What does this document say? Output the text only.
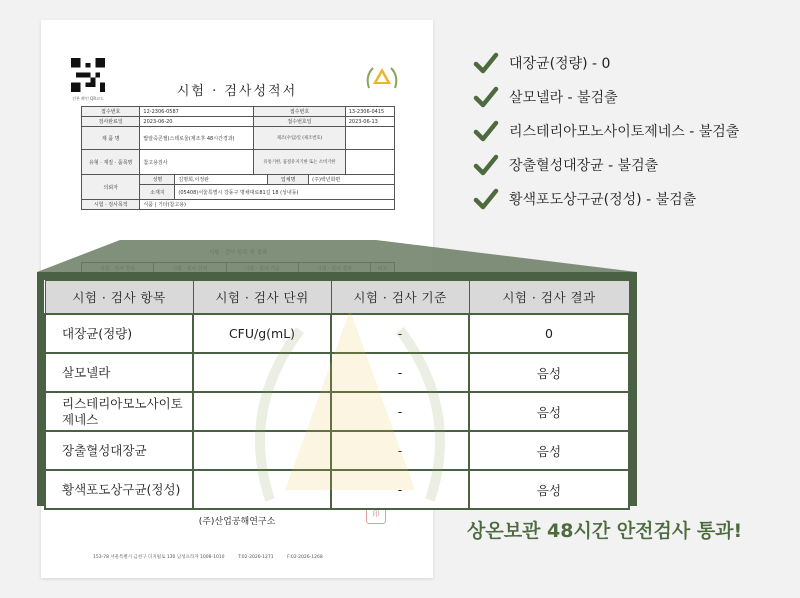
진본 확인 QR코드	시험 · 검사성적서
접수번호	12-2306-0587	접수번호	13-2306-0415
검사완료일	2023-06-20	접수번호일	2023-06-13
제 품 명	밥알죽콘젤(스테로울(제조후 48시간경과)	제조(수입)일 (제조번호)	
유형 · 재질 · 품목명	참고용검사	유통기한, 품질유지기한 또는 소비기한	
의뢰자	
성명	김명희,이정완	업체명	(주)백년화편

소재지	(05408)서울특별시 강동구 명채대로81길 18 (성내동)

시험 · 검사목적	식품 | 기타(참고용)

(주)산업공해연구소
印
153-78 서울특별시 금천구 디지털로 130 남성프라자 1008-1010	T:02-2026-1271	F:02-2026-1268
시험 · 검사 항목	시험 · 검사 단위	시험 · 검사 기준	시험 · 검사 결과
대장균(정량)	CFU/g(mL)	-	0
살모넬라		-	음성
리스테리아모노사이토제네스		-	음성
장출혈성대장균		-	음성
황색포도상구균(정성)		-	음성
대장균(정량) - 0
살모넬라 - 불검출
리스테리아모노사이토제네스 - 불검출
장출혈성대장균 - 불검출
황색포도상구균(정성) - 불검출
상온보관 48시간 안전검사 통과!
